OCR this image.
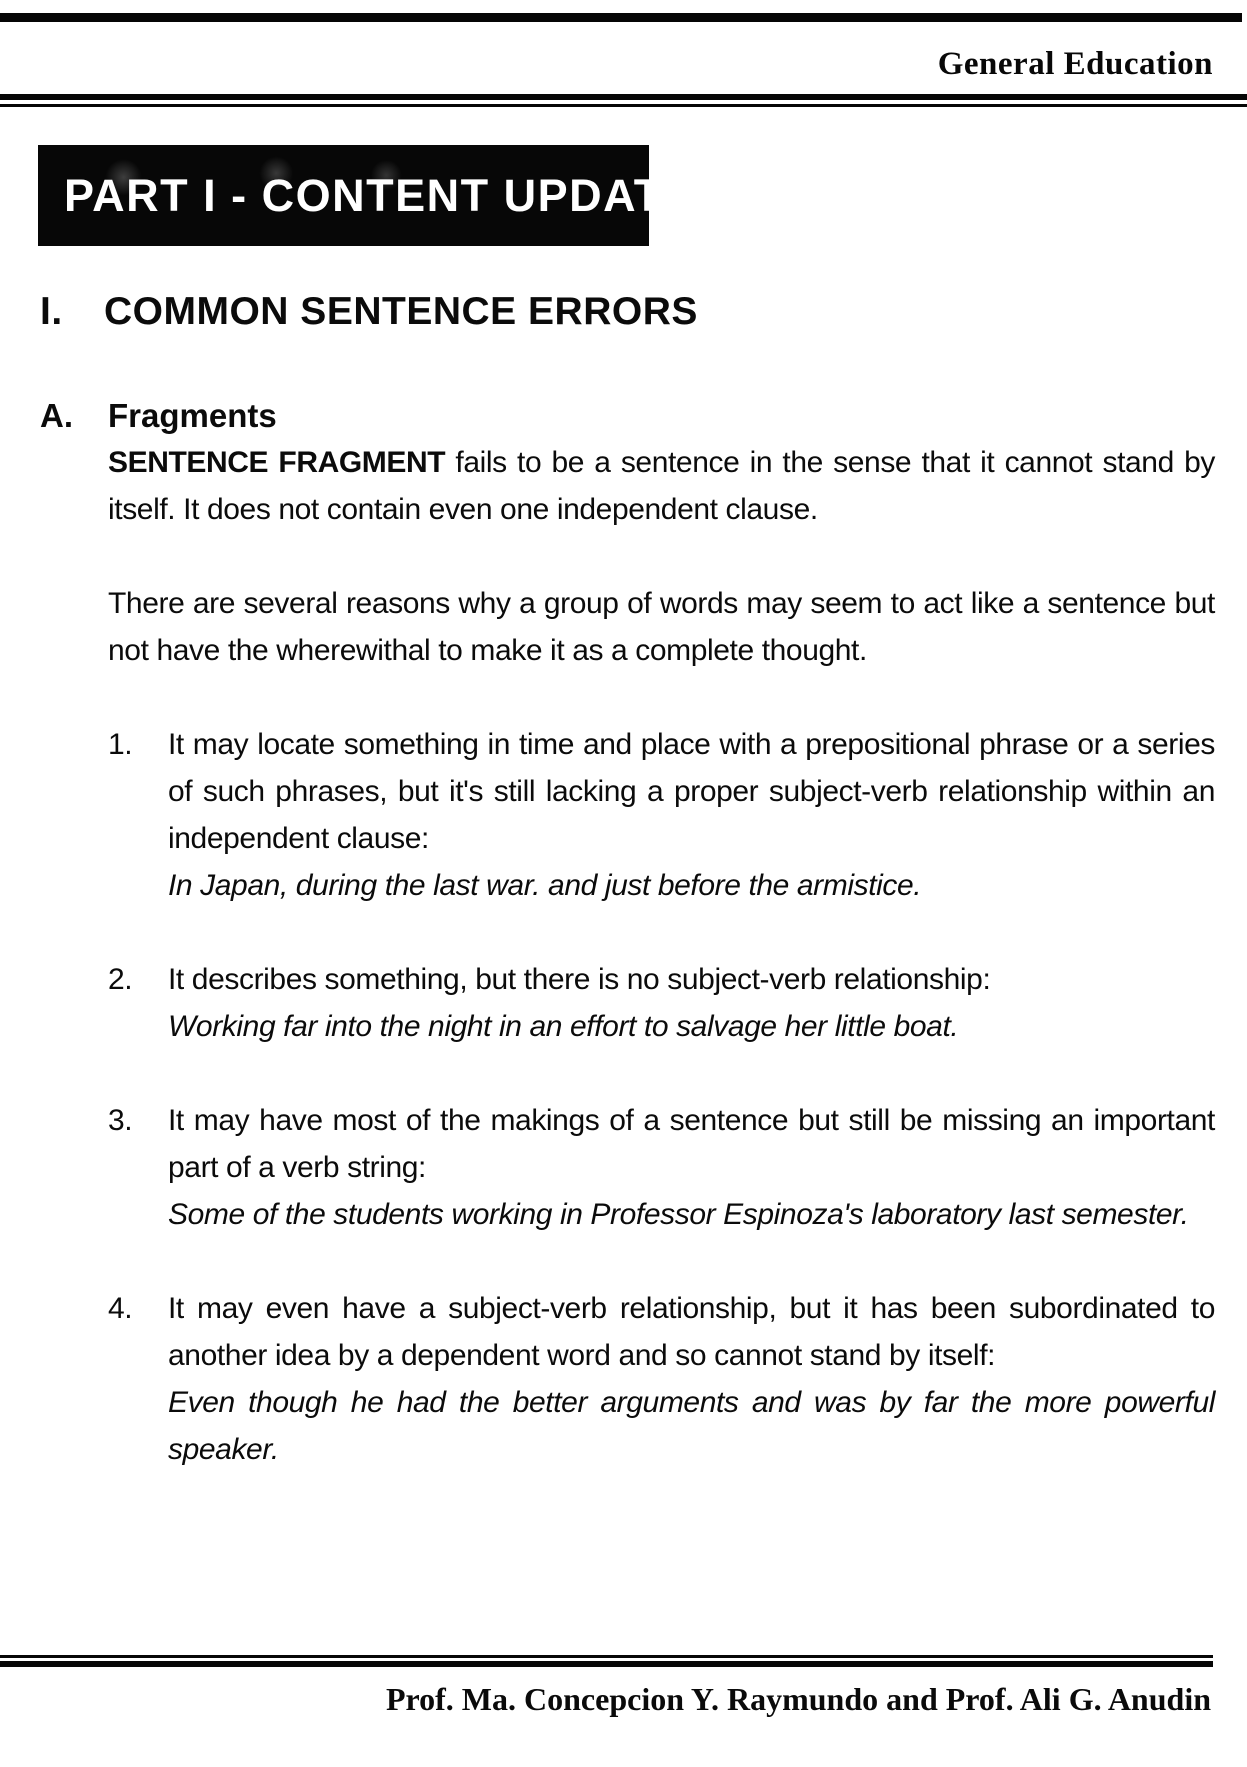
General Education
PART I - CONTENT UPDATE
I.	COMMON SENTENCE ERRORS
A.	Fragments

SENTENCE FRAGMENT fails to be a sentence in the sense that it cannot stand by itself. It does not contain even one independent clause.

There are several reasons why a group of words may seem to act like a sentence but not have the wherewithal to make it as a complete thought.

1.	It may locate something in time and place with a prepositional phrase or a series of such phrases, but it's still lacking a proper subject-verb relationship within an independent clause:

In Japan, during the last war. and just before the armistice.

2.	It describes something, but there is no subject-verb relationship:

Working far into the night in an effort to salvage her little boat.

3.	It may have most of the makings of a sentence but still be missing an important part of a verb string:

Some of the students working in Professor Espinoza's laboratory last semester.

4.	It may even have a subject-verb relationship, but it has been subordinated to another idea by a dependent word and so cannot stand by itself:

Even though he had the better arguments and was by far the more powerful speaker.

Prof. Ma. Concepcion Y. Raymundo and Prof. Ali G. Anudin
